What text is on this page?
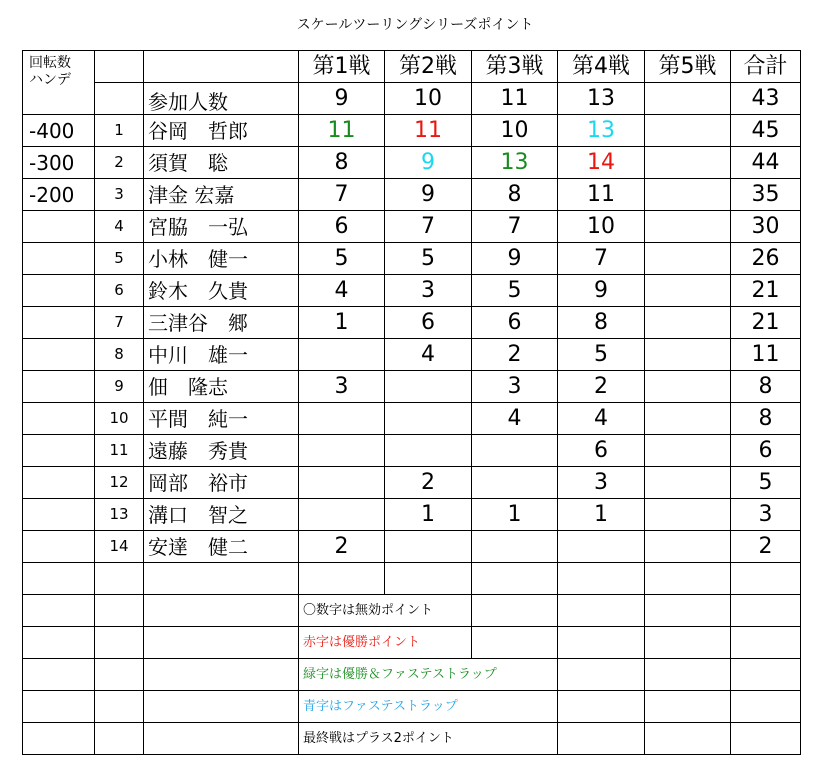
スケールツーリングシリーズポイント
回転数
ハンデ			第1戦	第2戦	第3戦	第4戦	第5戦	合計
		参加人数	9	10	11	13		43
-400	1	谷岡　哲郎	11	11	10	13		45
-300	2	須賀　聡	8	9	13	14		44
-200	3	津金 宏嘉	7	9	8	11		35
	4	宮脇　一弘	6	7	7	10		30
	5	小林　健一	5	5	9	7		26
	6	鈴木　久貴	4	3	5	9		21
	7	三津谷　郷	1	6	6	8		21
	8	中川　雄一		4	2	5		11
	9	佃　隆志	3		3	2		8
	10	平間　純一			4	4		8
	11	遠藤　秀貴				6		6
	12	岡部　裕市		2		3		5
	13	溝口　智之		1	1	1		3
	14	安達　健二	2					2

			〇数字は無効ポイント					
			赤字は優勝ポイント					
			緑字は優勝＆ファステストラップ					
			青字はファステストラップ					
			最終戦はプラス2ポイント					
